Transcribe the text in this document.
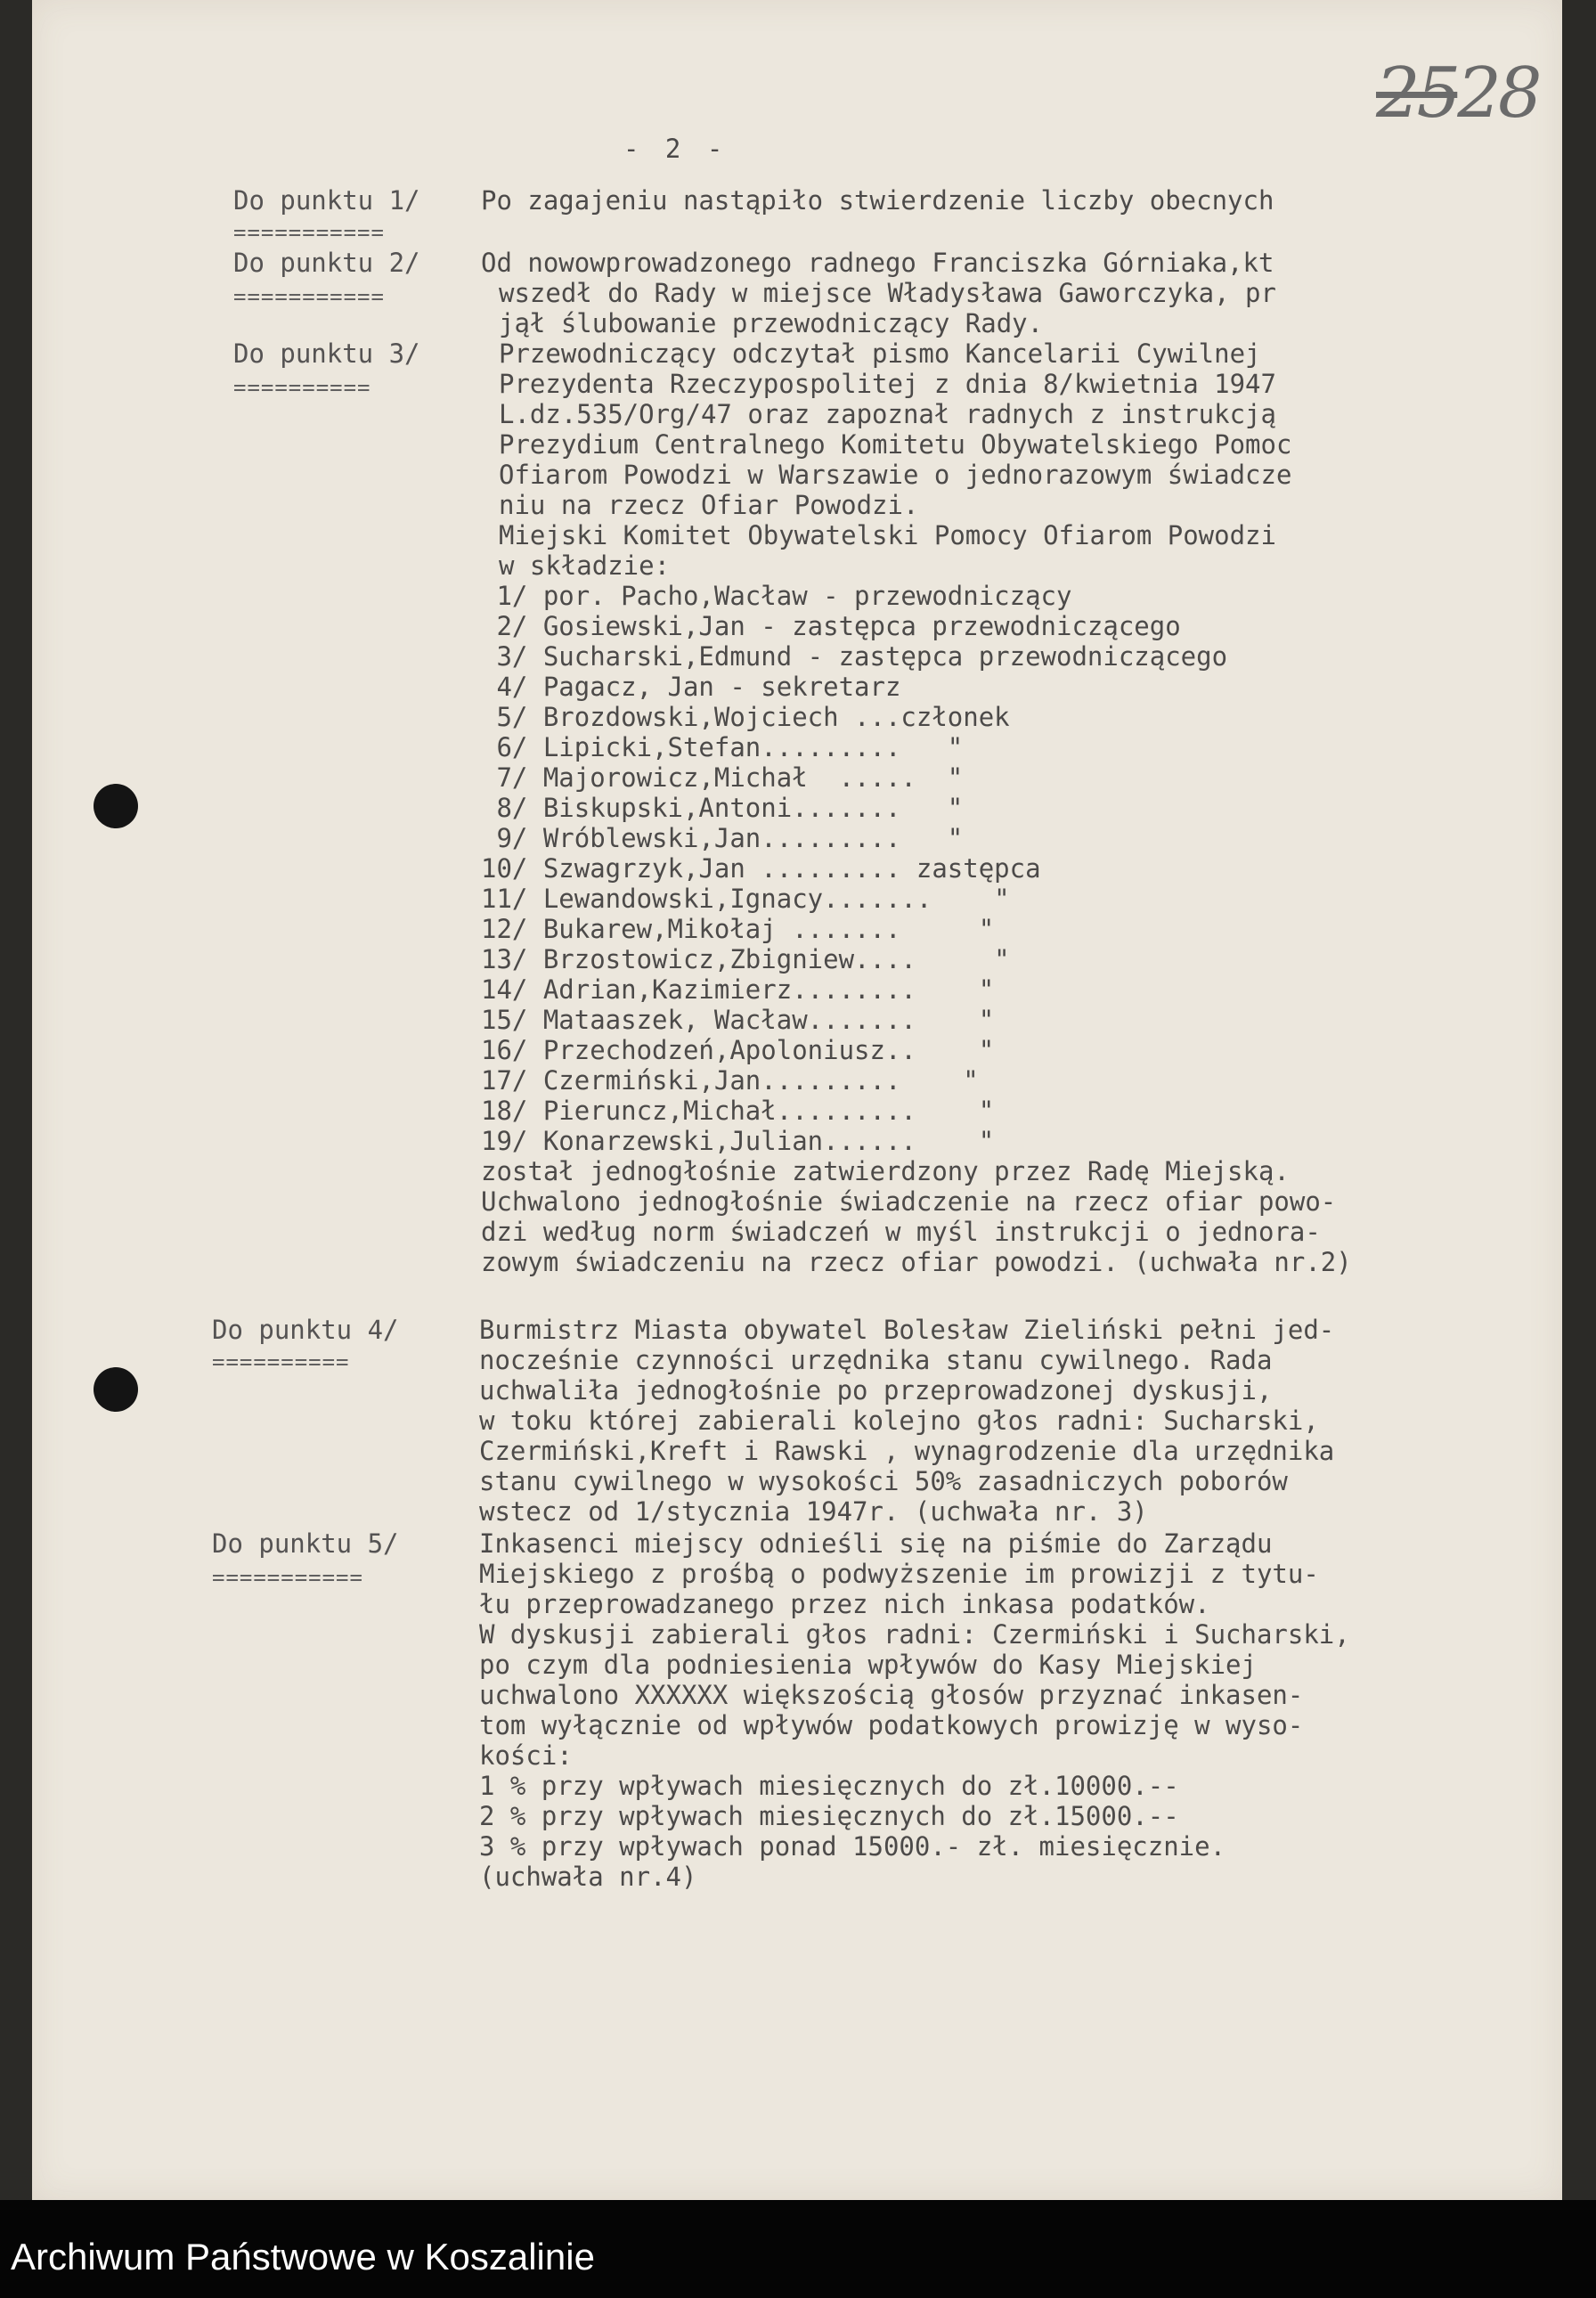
2528
- 2 -
Do punktu 1/
===========
Po zagajeniu nastąpiło stwierdzenie liczby obecnych
Do punktu 2/
===========
Od nowowprowadzonego radnego Franciszka Górniaka,kt
wszedł do Rady w miejsce Władysława Gaworczyka, pr
jął ślubowanie przewodniczący Rady.
Do punktu 3/
==========
Przewodniczący odczytał pismo Kancelarii Cywilnej
Prezydenta Rzeczypospolitej z dnia 8/kwietnia 1947
L.dz.535/Org/47 oraz zapoznał radnych z instrukcją
Prezydium Centralnego Komitetu Obywatelskiego Pomoc
Ofiarom Powodzi w Warszawie o jednorazowym świadcze
niu na rzecz Ofiar Powodzi.
Miejski Komitet Obywatelski Pomocy Ofiarom Powodzi
w składzie:
1/ por. Pacho,Wacław - przewodniczący
2/ Gosiewski,Jan - zastępca przewodniczącego
3/ Sucharski,Edmund - zastępca przewodniczącego
4/ Pagacz, Jan - sekretarz
5/ Brozdowski,Wojciech ...członek
6/ Lipicki,Stefan.........   "
7/ Majorowicz,Michał  .....  "
8/ Biskupski,Antoni.......   "
9/ Wróblewski,Jan.........   "
10/ Szwagrzyk,Jan ......... zastępca
11/ Lewandowski,Ignacy.......    "
12/ Bukarew,Mikołaj .......     "
13/ Brzostowicz,Zbigniew....     "
14/ Adrian,Kazimierz........    "
15/ Mataaszek, Wacław.......    "
16/ Przechodzeń,Apoloniusz..    "
17/ Czermiński,Jan.........    "
18/ Pieruncz,Michał.........    "
19/ Konarzewski,Julian......    "
został jednogłośnie zatwierdzony przez Radę Miejską.
Uchwalono jednogłośnie świadczenie na rzecz ofiar powo-
dzi według norm świadczeń w myśl instrukcji o jednora-
zowym świadczeniu na rzecz ofiar powodzi. (uchwała nr.2)
Do punktu 4/
==========
Burmistrz Miasta obywatel Bolesław Zieliński pełni jed-
nocześnie czynności urzędnika stanu cywilnego. Rada
uchwaliła jednogłośnie po przeprowadzonej dyskusji,
w toku której zabierali kolejno głos radni: Sucharski,
Czermiński,Kreft i Rawski , wynagrodzenie dla urzędnika
stanu cywilnego w wysokości 50% zasadniczych poborów
wstecz od 1/stycznia 1947r. (uchwała nr. 3)
Do punktu 5/
===========
Inkasenci miejscy odnieśli się na piśmie do Zarządu
Miejskiego z prośbą o podwyższenie im prowizji z tytu-
łu przeprowadzanego przez nich inkasa podatków.
W dyskusji zabierali głos radni: Czermiński i Sucharski,
po czym dla podniesienia wpływów do Kasy Miejskiej
uchwalono XXXXXX większością głosów przyznać inkasen-
tom wyłącznie od wpływów podatkowych prowizję w wyso-
kości:
1 % przy wpływach miesięcznych do zł.10000.--
2 % przy wpływach miesięcznych do zł.15000.--
3 % przy wpływach ponad 15000.- zł. miesięcznie.
(uchwała nr.4)
Archiwum Państwowe w Koszalinie
